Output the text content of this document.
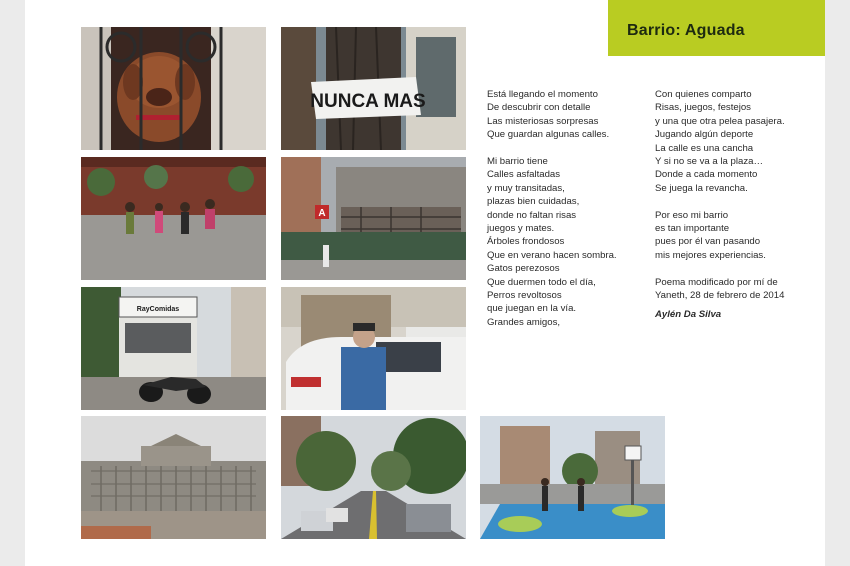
Barrio: Aguada
NUNCA MAS
A
RayComidas
Está llegando el momento
De descubrir con detalle
Las misteriosas sorpresas
Que guardan algunas calles.
Mi barrio tiene
Calles asfaltadas
y muy transitadas,
plazas bien cuidadas,
donde no faltan risas
juegos y mates.
Árboles frondosos
Que en verano hacen sombra.
Gatos perezosos
Que duermen todo el día,
Perros revoltosos
que juegan en la vía.
Grandes amigos,
Con quienes comparto
Risas, juegos, festejos
y una que otra pelea pasajera.
Jugando algún deporte
La calle es una cancha
Y si no se va a la plaza…
Donde a cada momento
Se juega la revancha.
Por eso mi barrio
es tan importante
pues por él van pasando
mis mejores experiencias.
Poema modificado por mí de
Yaneth, 28 de febrero de 2014
Aylén Da Silva
